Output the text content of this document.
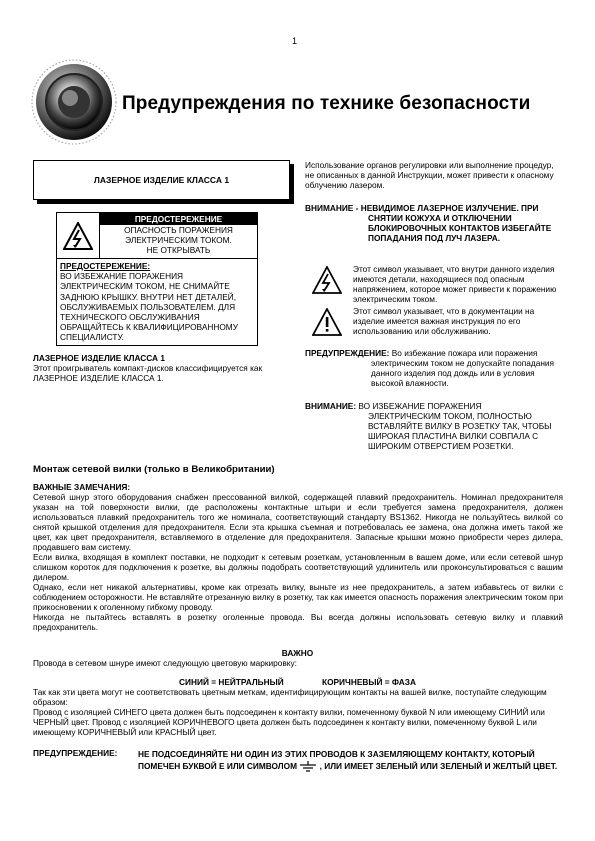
1
Предупреждения по технике безопасности
ЛАЗЕРНОЕ ИЗДЕЛИЕ КЛАССА 1
ПРЕДОСТЕРЕЖЕНИЕ
ОПАСНОСТЬ ПОРАЖЕНИЯ
ЭЛЕКТРИЧЕСКИМ ТОКОМ.
НЕ ОТКРЫВАТЬ
ПРЕДОСТЕРЕЖЕНИЕ:
ВО ИЗБЕЖАНИЕ ПОРАЖЕНИЯ ЭЛЕКТРИЧЕСКИМ ТОКОМ, НЕ СНИМАЙТЕ ЗАДНЮЮ КРЫШКУ. ВНУТРИ НЕТ ДЕТАЛЕЙ, ОБСЛУЖИВАЕМЫХ ПОЛЬЗОВАТЕЛЕМ. ДЛЯ ТЕХНИЧЕСКОГО ОБСЛУЖИВАНИЯ ОБРАЩАЙТЕСЬ К КВАЛИФИЦИРОВАННОМУ СПЕЦИАЛИСТУ.
ЛАЗЕРНОЕ ИЗДЕЛИЕ КЛАССА 1
Этот проигрыватель компакт-дисков классифицируется как ЛАЗЕРНОЕ ИЗДЕЛИЕ КЛАССА 1.
Использование органов регулировки или выполнение процедур, не описанных в данной Инструкции, может привести к опасному облучению лазером.
ВНИМАНИЕ - НЕВИДИМОЕ ЛАЗЕРНОЕ ИЗЛУЧЕНИЕ. ПРИ
СНЯТИИ КОЖУХА И ОТКЛЮЧЕНИИ БЛОКИРОВОЧНЫХ КОНТАКТОВ ИЗБЕГАЙТЕ ПОПАДАНИЯ ПОД ЛУЧ ЛАЗЕРА.
Этот символ указывает, что внутри данного изделия имеются детали, находящиеся под опасным напряжением, которое может привести к поражению электрическим током.
Этот символ указывает, что в документации на изделие имеется важная инструкция по его использованию или обслуживанию.
ПРЕДУПРЕЖДЕНИЕ: Во избежание пожара или поражения
электрическим током не допускайте попадания данного изделия под дождь или в условия высокой влажности.
ВНИМАНИЕ: ВО ИЗБЕЖАНИЕ ПОРАЖЕНИЯ
ЭЛЕКТРИЧЕСКИМ ТОКОМ, ПОЛНОСТЬЮ ВСТАВЛЯЙТЕ ВИЛКУ В РОЗЕТКУ ТАК, ЧТОБЫ ШИРОКАЯ ПЛАСТИНА ВИЛКИ СОВПАЛА С ШИРОКИМ ОТВЕРСТИЕМ РОЗЕТКИ.
Монтаж сетевой вилки (только в Великобритании)
ВАЖНЫЕ ЗАМЕЧАНИЯ:

Сетевой шнур этого оборудования снабжен прессованной вилкой, содержащей плавкий предохранитель. Номинал предохранителя указан на той поверхности вилки, где расположены контактные штыри и если требуется замена предохранителя, должен использоваться плавкий предохранитель того же номинала, соответствующий стандарту BS1362. Никогда не пользуйтесь вилкой со снятой крышкой отделения для предохранителя. Если эта крышка съемная и потребовалась ее замена, она должна иметь такой же цвет, как цвет предохранителя, вставляемого в отделение для предохранителя. Запасные крышки можно приобрести через дилера, продавшего вам систему.

Если вилка, входящая в комплект поставки, не подходит к сетевым розеткам, установленным в вашем доме, или если сетевой шнур слишком короток для подключения к розетке, вы должны подобрать соответствующий удлинитель или проконсультироваться с вашим дилером.

Однако, если нет никакой альтернативы, кроме как отрезать вилку, выньте из нее предохранитель, а затем избавьтесь от вилки с соблюдением осторожности. Не вставляйте отрезанную вилку в розетку, так как имеется опасность поражения электрическим током при прикосновении к оголенному гибкому проводу.

Никогда не пытайтесь вставлять в розетку оголенные провода. Вы всегда должны использовать сетевую вилку и плавкий предохранитель.

ВАЖНО
Провода в сетевом шнуре имеют следующую цветовую маркировку:
СИНИЙ = НЕЙТРАЛЬНЫЙ	КОРИЧНЕВЫЙ = ФАЗА
Так как эти цвета могут не соответствовать цветным меткам, идентифицирующим контакты на вашей вилке, поступайте следующим образом:
Провод с изоляцией СИНЕГО цвета должен быть подсоединен к контакту вилки, помеченному буквой N или имеющему СИНИЙ или ЧЕРНЫЙ цвет. Провод с изоляцией КОРИЧНЕВОГО цвета должен быть подсоединен к контакту вилки, помеченному буквой L или имеющему КОРИЧНЕВЫЙ или КРАСНЫЙ цвет.
ПРЕДУПРЕЖДЕНИЕ:	НЕ ПОДСОЕДИНЯЙТЕ НИ ОДИН ИЗ ЭТИХ ПРОВОДОВ К ЗАЗЕМЛЯЮЩЕМУ КОНТАКТУ, КОТОРЫЙ ПОМЕЧЕН БУКВОЙ Е ИЛИ СИМВОЛОМ	, ИЛИ ИМЕЕТ ЗЕЛЕНЫЙ ИЛИ ЗЕЛЕНЫЙ И ЖЕЛТЫЙ ЦВЕТ.
